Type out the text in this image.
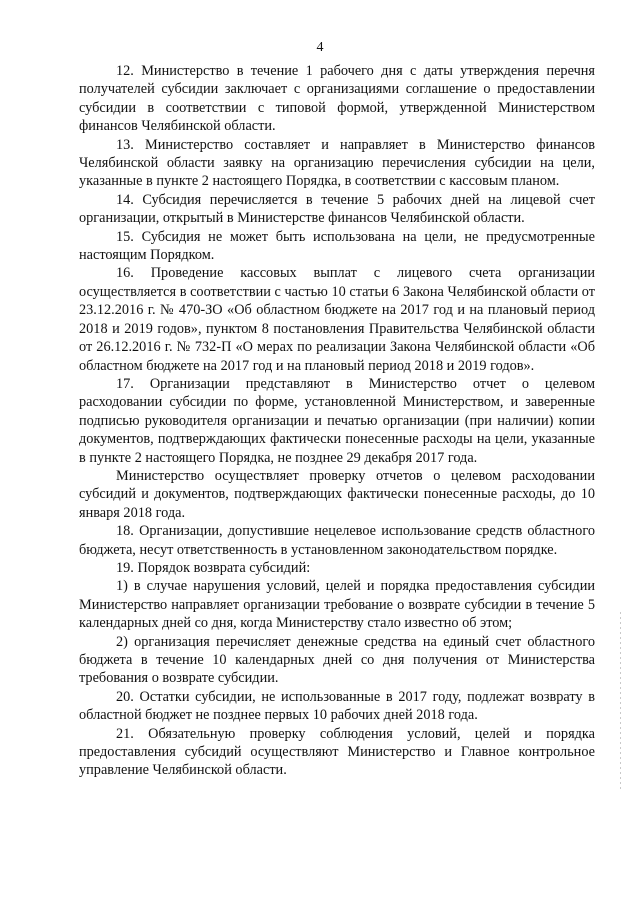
4

12. Министерство в течение 1 рабочего дня с даты утверждения перечня получателей субсидии заключает с организациями соглашение о предоставлении субсидии в соответствии с типовой формой, утвержденной Министерством финансов Челябинской области.

13. Министерство составляет и направляет в Министерство финансов Челябинской области заявку на организацию перечисления субсидии на цели, указанные в пункте 2 настоящего Порядка, в соответствии с кассовым планом.

14. Субсидия перечисляется в течение 5 рабочих дней на лицевой счет организации, открытый в Министерстве финансов Челябинской области.

15. Субсидия не может быть использована на цели, не предусмотренные настоящим Порядком.

16. Проведение кассовых выплат с лицевого счета организации осуществляется в соответствии с частью 10 статьи 6 Закона Челябинской области от 23.12.2016 г. № 470-ЗО «Об областном бюджете на 2017 год и на плановый период 2018 и 2019 годов», пунктом 8 постановления Правительства Челябинской области от 26.12.2016 г. № 732-П «О мерах по реализации Закона Челябинской области «Об областном бюджете на 2017 год и на плановый период 2018 и 2019 годов».

17. Организации представляют в Министерство отчет о целевом расходовании субсидии по форме, установленной Министерством, и заверенные подписью руководителя организации и печатью организации (при наличии) копии документов, подтверждающих фактически понесенные расходы на цели, указанные в пункте 2 настоящего Порядка, не позднее 29 декабря 2017 года.

Министерство осуществляет проверку отчетов о целевом расходовании субсидий и документов, подтверждающих фактически понесенные расходы, до 10 января 2018 года.

18. Организации, допустившие нецелевое использование средств областного бюджета, несут ответственность в установленном законодательством порядке.

19. Порядок возврата субсидий:

1) в случае нарушения условий, целей и порядка предоставления субсидии Министерство направляет организации требование о возврате субсидии в течение 5 календарных дней со дня, когда Министерству стало известно об этом;

2) организация перечисляет денежные средства на единый счет областного бюджета в течение 10 календарных дней со дня получения от Министерства требования о возврате субсидии.

20. Остатки субсидии, не использованные в 2017 году, подлежат возврату в областной бюджет не позднее первых 10 рабочих дней 2018 года.

21. Обязательную проверку соблюдения условий, целей и порядка предоставления субсидий осуществляют Министерство и Главное контрольное управление Челябинской области.
